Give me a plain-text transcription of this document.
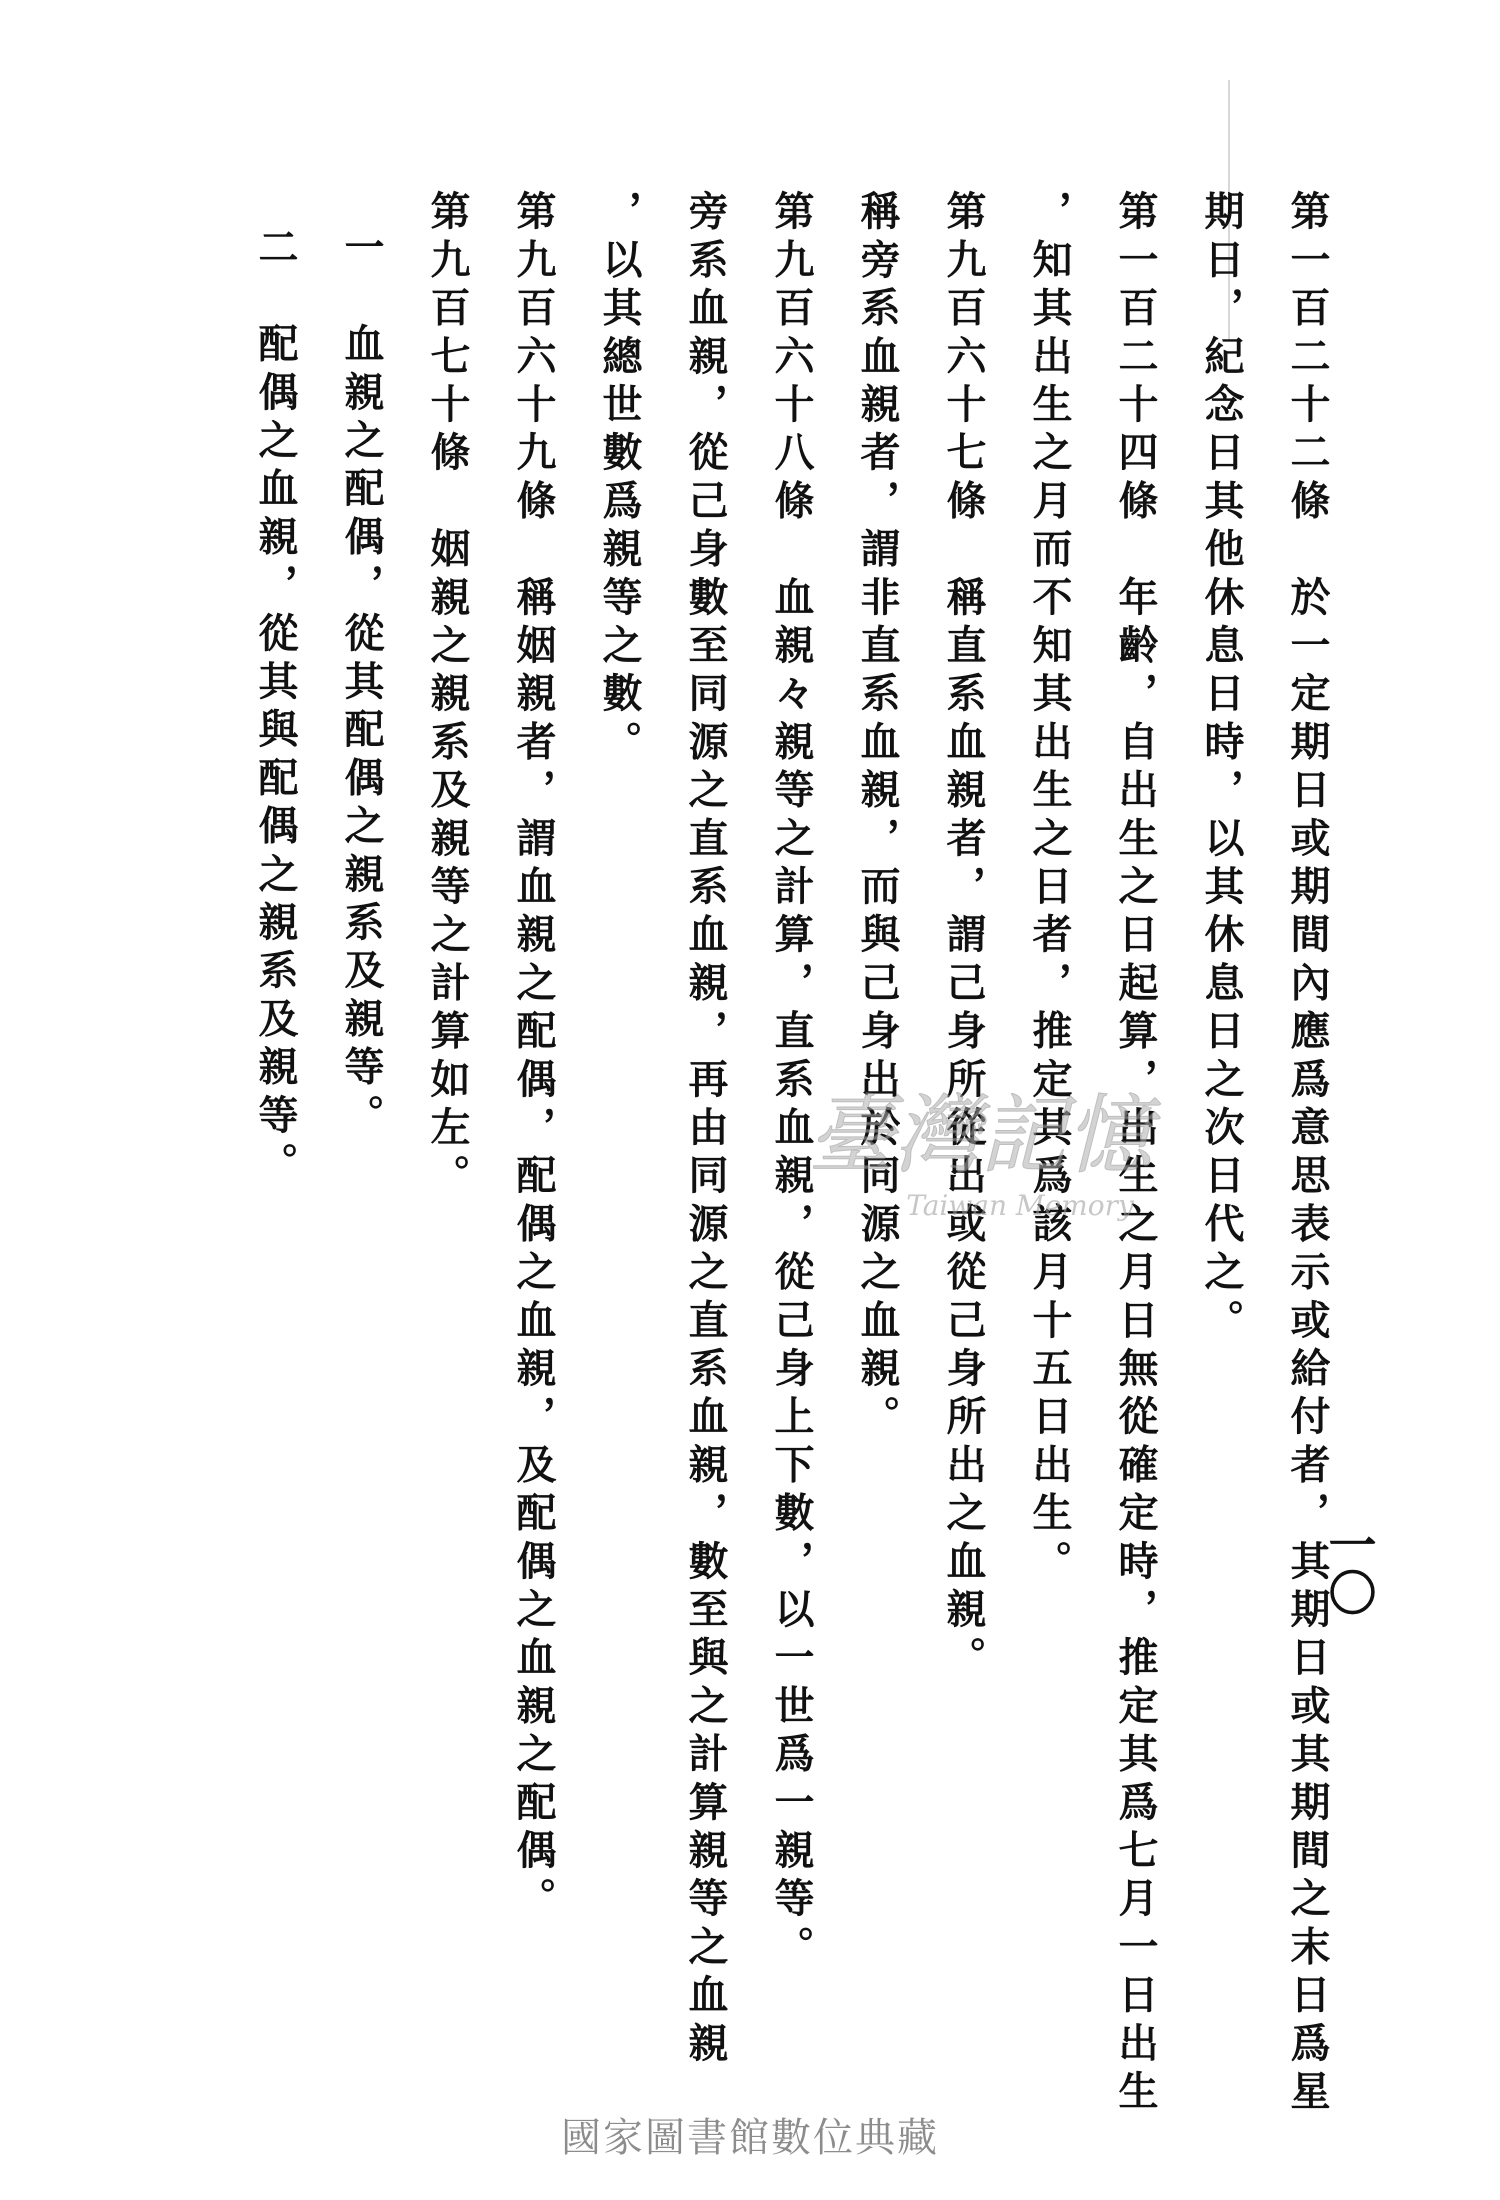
一〇
第一百二十二條　於一定期日或期間內應爲意思表示或給付者，其期日或其期間之末日爲星
期日，紀念日其他休息日時，以其休息日之次日代之。
第一百二十四條　年齡，自出生之日起算，出生之月日無從確定時，推定其爲七月一日出生
，知其出生之月而不知其出生之日者，推定其爲該月十五日出生。
第九百六十七條　稱直系血親者，謂己身所從出或從己身所出之血親。
稱旁系血親者，謂非直系血親，而與己身出於同源之血親。
第九百六十八條　血親々親等之計算，直系血親，從己身上下數，以一世爲一親等。
旁系血親，從己身數至同源之直系血親，再由同源之直系血親，數至與之計算親等之血親
，以其總世數爲親等之數。
第九百六十九條　稱姻親者，謂血親之配偶，配偶之血親，及配偶之血親之配偶。
第九百七十條　姻親之親系及親等之計算如左。
一　血親之配偶，從其配偶之親系及親等。
二　配偶之血親，從其與配偶之親系及親等。	臺灣記憶
Taiwan Memory
國家圖書館數位典藏
